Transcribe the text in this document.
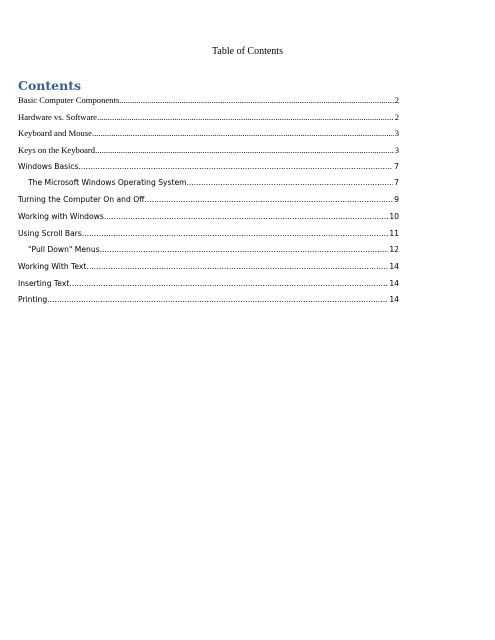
Table of Contents
Contents
Basic Computer Components .....	2
Hardware vs. Software .....	2
Keyboard and Mouse .....	3
Keys on the Keyboard .....	3
Windows Basics .....	7
The Microsoft Windows Operating System .....	7
Turning the Computer On and Off .....	9
Working with Windows .....	10
Using Scroll Bars .....	11
"Pull Down" Menus .....	12
Working With Text .....	14
Inserting Text .....	14
Printing .....	14
